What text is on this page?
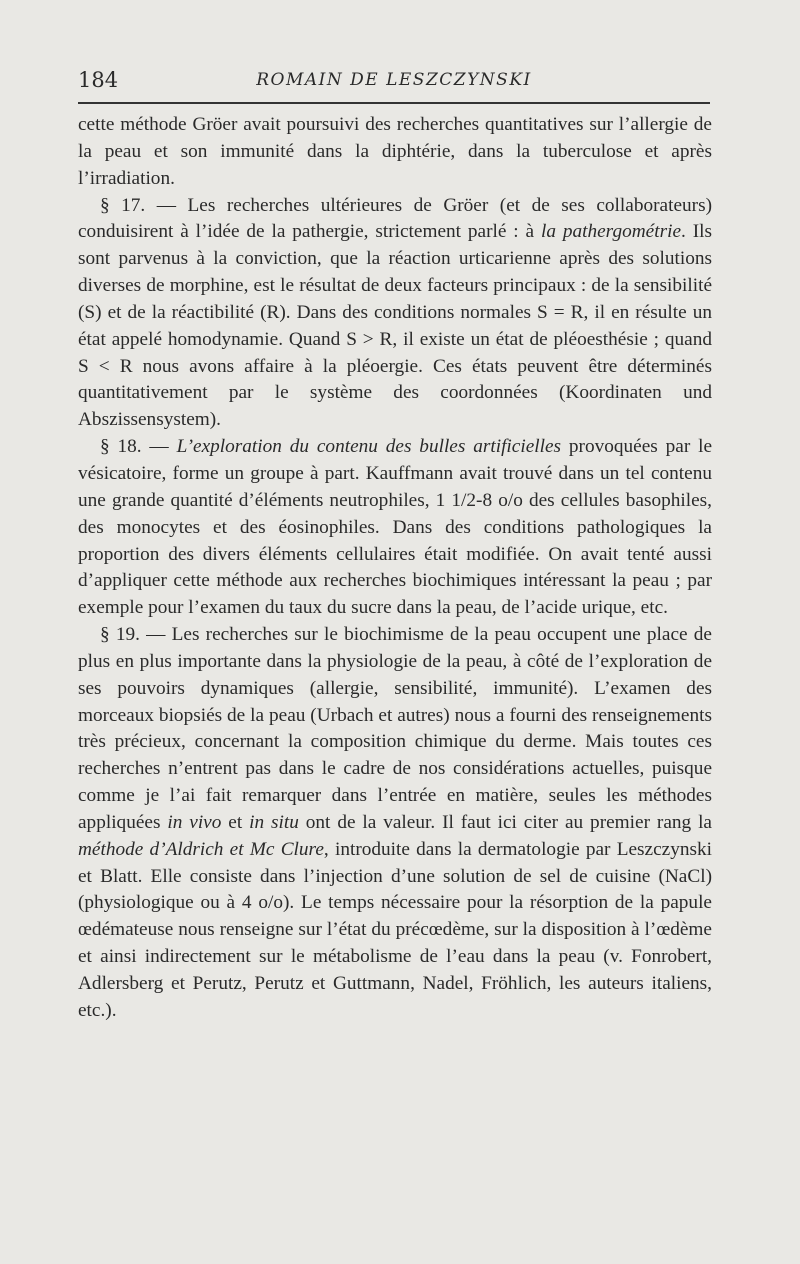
184	ROMAIN DE LESZCZYNSKI

cette méthode Gröer avait poursuivi des recherches quantitatives sur l’allergie de la peau et son immunité dans la diphtérie, dans la tuberculose et après l’irradiation.

§ 17. — Les recherches ultérieures de Gröer (et de ses collaborateurs) conduisirent à l’idée de la pathergie, strictement parlé : à la pathergométrie. Ils sont parvenus à la conviction, que la réaction urticarienne après des solutions diverses de morphine, est le résultat de deux facteurs principaux : de la sensibilité (S) et de la réactibilité (R). Dans des conditions normales S = R, il en résulte un état appelé homodynamie. Quand S > R, il existe un état de pléoesthésie ; quand S < R nous avons affaire à la pléoergie. Ces états peuvent être déterminés quantitativement par le système des coordonnées (Koordinaten und Abszissensystem).

§ 18. — L’exploration du contenu des bulles artificielles provoquées par le vésicatoire, forme un groupe à part. Kauffmann avait trouvé dans un tel contenu une grande quantité d’éléments neutrophiles, 1 1/2-8 o/o des cellules basophiles, des monocytes et des éosinophiles. Dans des conditions pathologiques la proportion des divers éléments cellulaires était modifiée. On avait tenté aussi d’appliquer cette méthode aux recherches biochimiques intéressant la peau ; par exemple pour l’examen du taux du sucre dans la peau, de l’acide urique, etc.

§ 19. — Les recherches sur le biochimisme de la peau occupent une place de plus en plus importante dans la physiologie de la peau, à côté de l’exploration de ses pouvoirs dynamiques (allergie, sensibilité, immunité). L’examen des morceaux biopsiés de la peau (Urbach et autres) nous a fourni des renseignements très précieux, concernant la composition chimique du derme. Mais toutes ces recherches n’entrent pas dans le cadre de nos considérations actuelles, puisque comme je l’ai fait remarquer dans l’entrée en matière, seules les méthodes appliquées in vivo et in situ ont de la valeur. Il faut ici citer au premier rang la méthode d’Aldrich et Mc Clure, introduite dans la dermatologie par Leszczynski et Blatt. Elle consiste dans l’injection d’une solution de sel de cuisine (NaCl) (physiologique ou à 4 o/o). Le temps nécessaire pour la résorption de la papule œdémateuse nous renseigne sur l’état du précœdème, sur la disposition à l’œdème et ainsi indirectement sur le métabolisme de l’eau dans la peau (v. Fonrobert, Adlersberg et Perutz, Perutz et Guttmann, Nadel, Fröhlich, les auteurs italiens, etc.).
